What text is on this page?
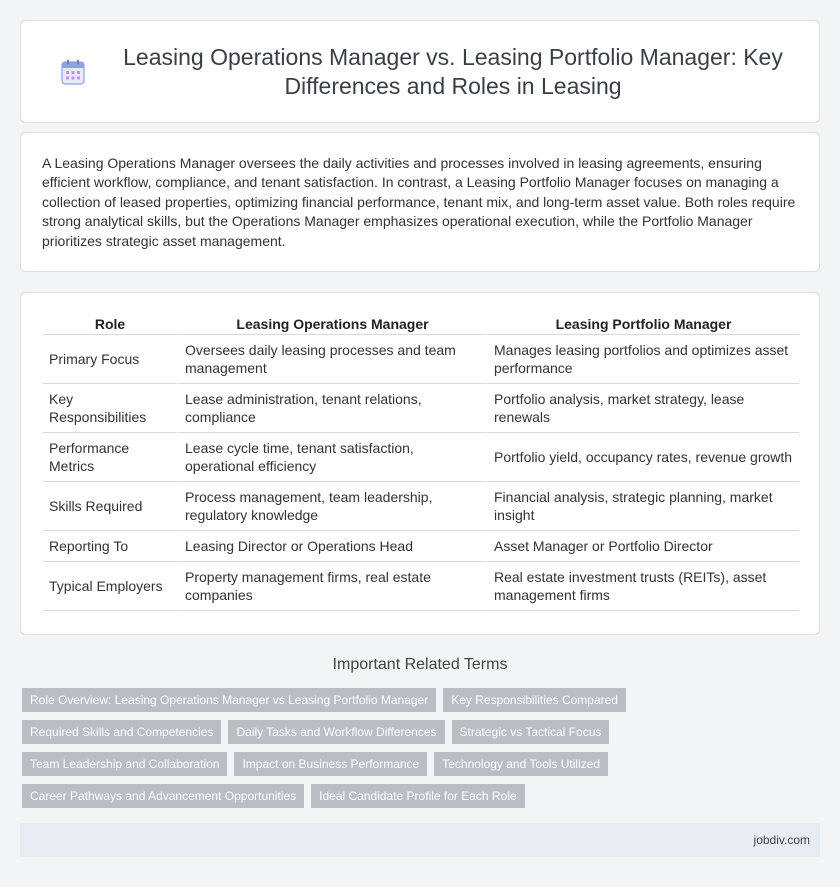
Leasing Operations Manager vs. Leasing Portfolio Manager: Key Differences and Roles in Leasing

A Leasing Operations Manager oversees the daily activities and processes involved in leasing agreements, ensuring efficient workflow, compliance, and tenant satisfaction. In contrast, a Leasing Portfolio Manager focuses on managing a collection of leased properties, optimizing financial performance, tenant mix, and long-term asset value. Both roles require strong analytical skills, but the Operations Manager emphasizes operational execution, while the Portfolio Manager prioritizes strategic asset management.

Role	Leasing Operations Manager	Leasing Portfolio Manager
Primary Focus	Oversees daily leasing processes and team management	Manages leasing portfolios and optimizes asset performance
Key Responsibilities	Lease administration, tenant relations, compliance	Portfolio analysis, market strategy, lease renewals
Performance Metrics	Lease cycle time, tenant satisfaction, operational efficiency	Portfolio yield, occupancy rates, revenue growth
Skills Required	Process management, team leadership, regulatory knowledge	Financial analysis, strategic planning, market insight
Reporting To	Leasing Director or Operations Head	Asset Manager or Portfolio Director
Typical Employers	Property management firms, real estate companies	Real estate investment trusts (REITs), asset management firms
Important Related Terms
Role Overview: Leasing Operations Manager vs Leasing Portfolio Manager	Key Responsibilities Compared
Required Skills and Competencies	Daily Tasks and Workflow Differences	Strategic vs Tactical Focus
Team Leadership and Collaboration	Impact on Business Performance	Technology and Tools Utilized
Career Pathways and Advancement Opportunities	Ideal Candidate Profile for Each Role
jobdiv.com
